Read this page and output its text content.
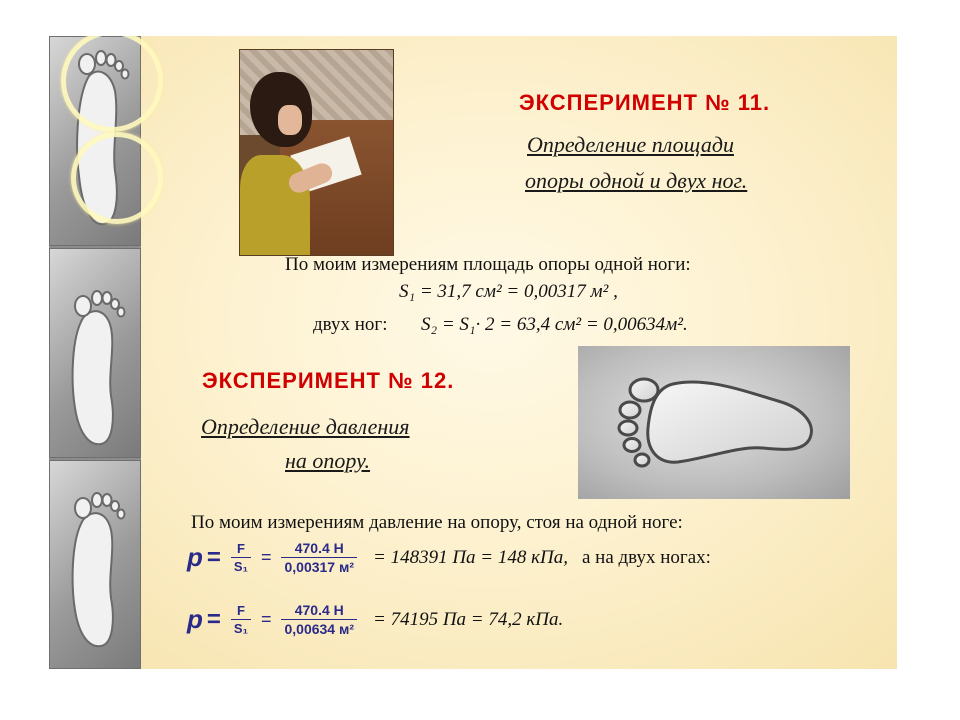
ЭКСПЕРИМЕНТ № 11.
Определение площади
опоры одной и двух ног.
По моим измерениям площадь опоры одной ноги:
S₁ = 31,7 см² = 0,00317 м² ,
двух ног: S₂ = S₁· 2 = 63,4 см² = 0,00634м².
ЭКСПЕРИМЕНТ № 12.
Определение давления
на опору.
По моим измерениям давление на опору, стоя на одной ноге:
$p = \frac{F}{\text{S₁}} = \frac{470.4 Н}{\text{0,00317 м²}} = 148391$ Па = 148 кПа, а на двух ногах:
$p = \frac{F}{\text{S₁}} = \frac{470.4 Н}{\text{0,00634 м²}} = 74195$ Па = 74,2 кПа.
